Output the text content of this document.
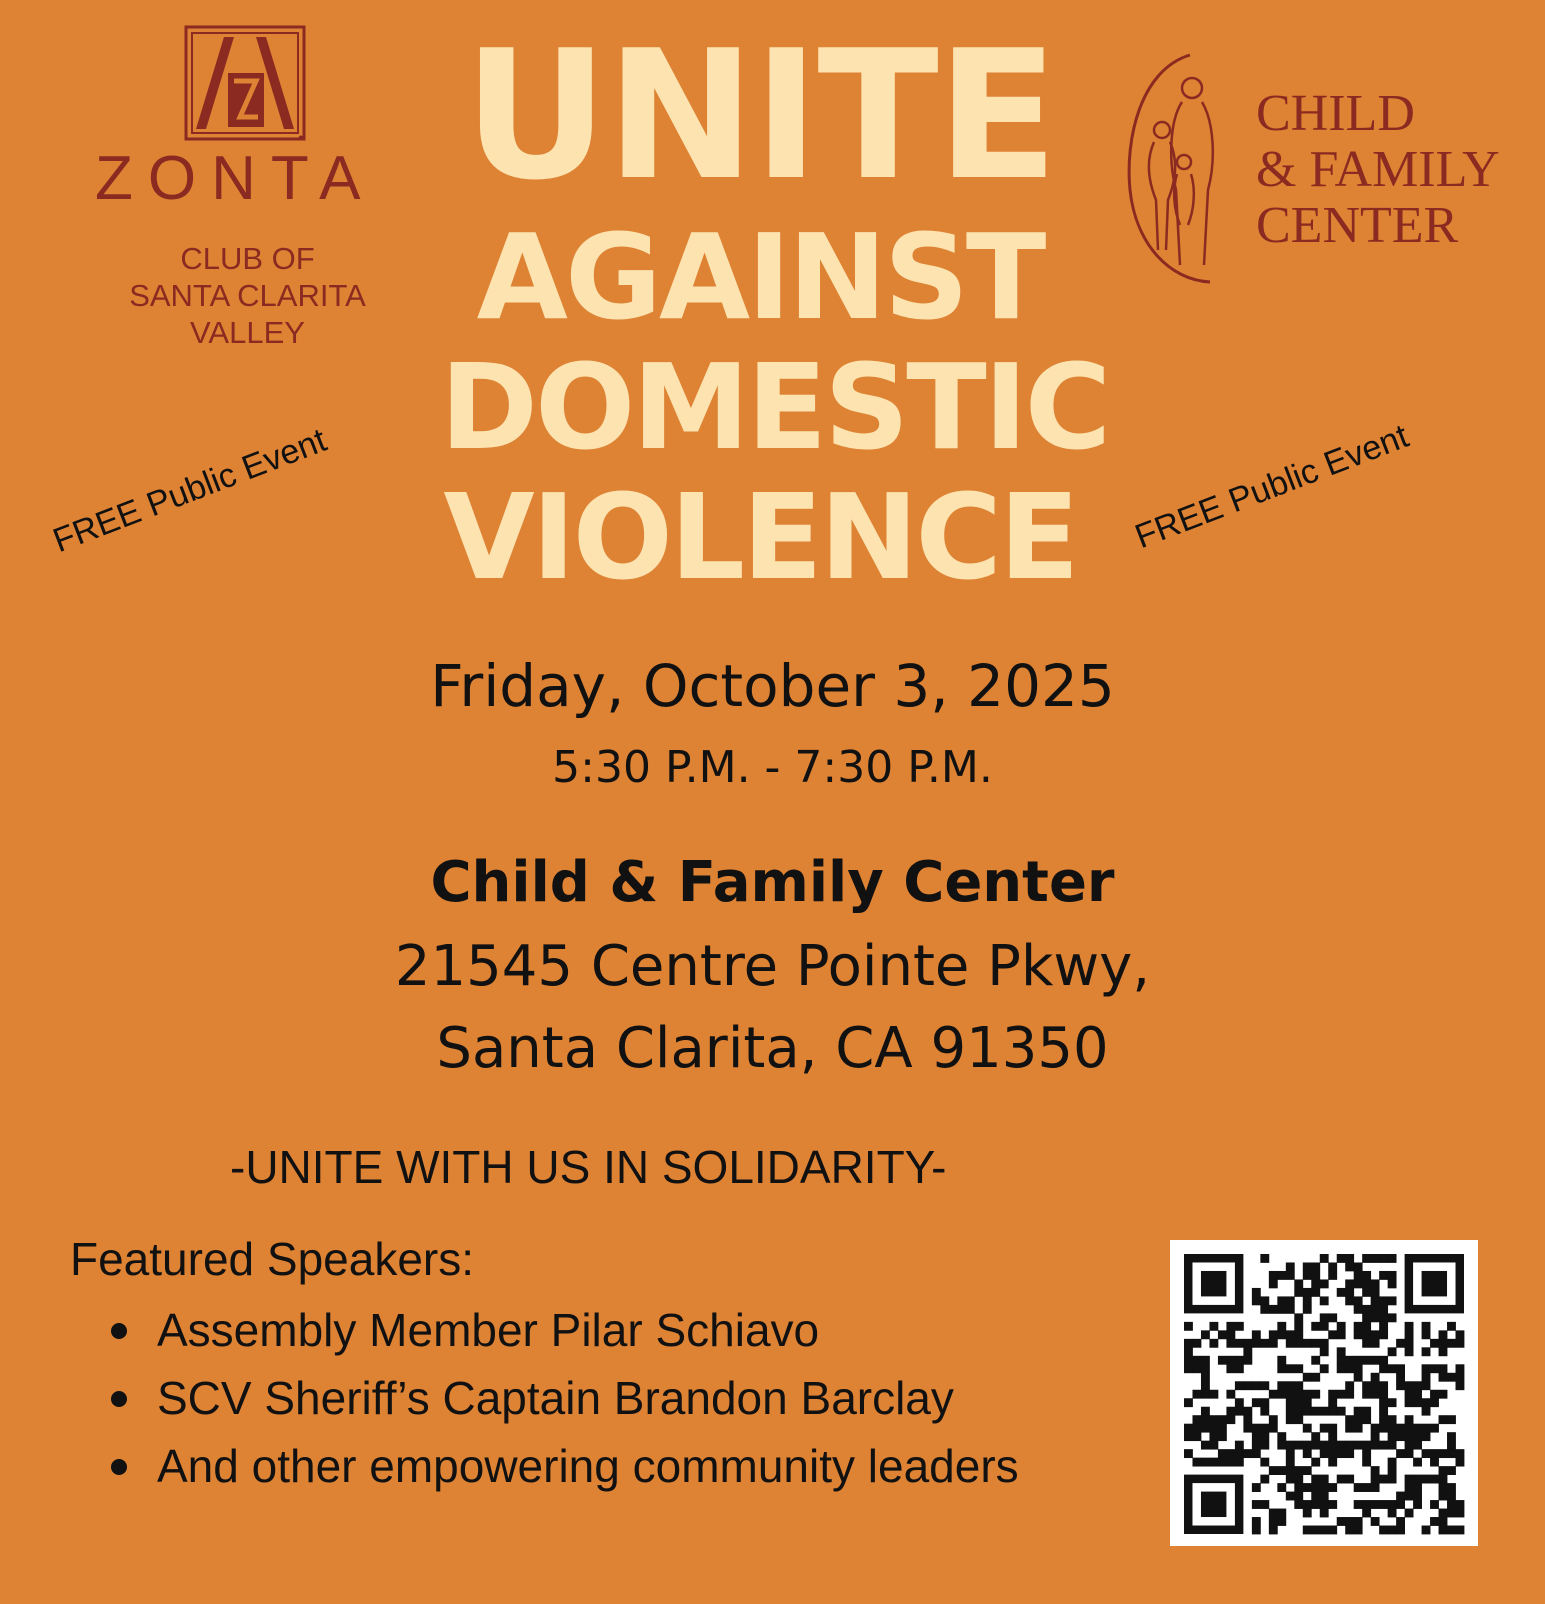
ZONTA
CLUB OF
SANTA CLARITA
VALLEY
UNITE
AGAINST
DOMESTIC
VIOLENCE
CHILD
& FAMILY
CENTER
FREE Public Event	FREE Public Event
Friday, October 3, 2025
5:30 P.M. - 7:30 P.M.
Child & Family Center
21545 Centre Pointe Pkwy,
Santa Clarita, CA 91350
-UNITE WITH US IN SOLIDARITY-
Featured Speakers:
Assembly Member Pilar Schiavo
SCV Sheriff’s Captain Brandon Barclay
And other empowering community leaders
